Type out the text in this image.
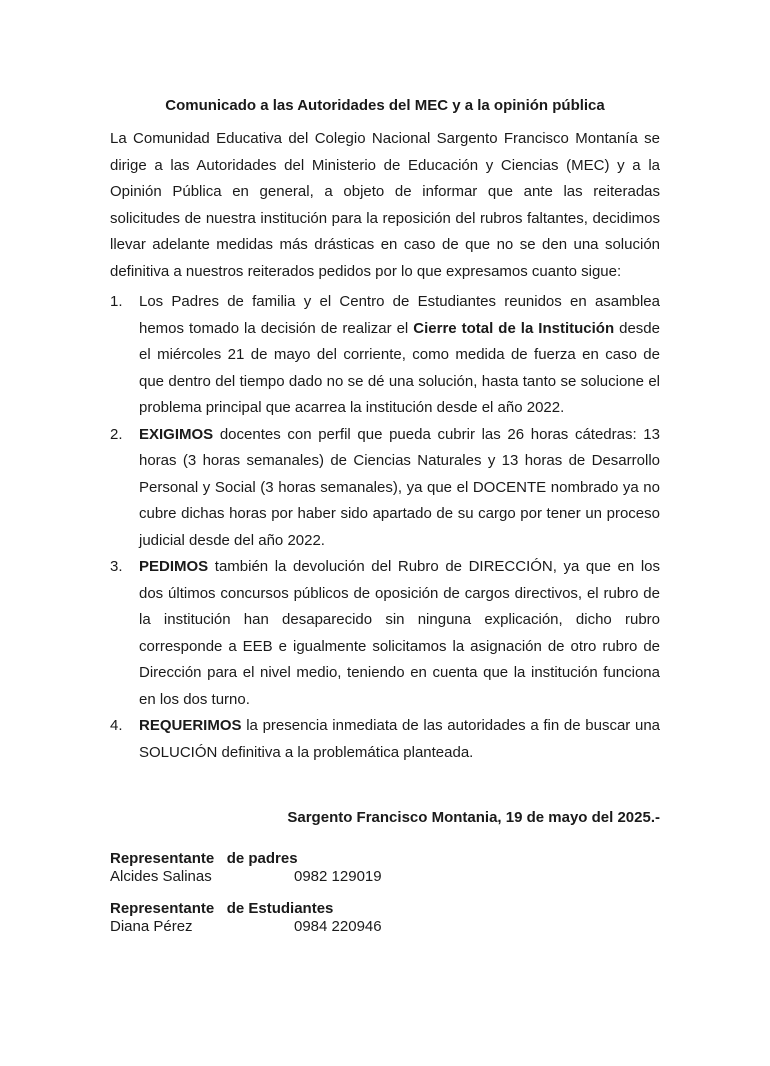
Comunicado a las Autoridades del MEC y a la opinión pública

La Comunidad Educativa del Colegio Nacional Sargento Francisco Montanía se dirige a las Autoridades del Ministerio de Educación y Ciencias (MEC) y a la Opinión Pública en general, a objeto de informar que ante las reiteradas solicitudes de nuestra institución para la reposición del rubros faltantes, decidimos llevar adelante medidas más drásticas en caso de que no se den una solución definitiva a nuestros reiterados pedidos por lo que expresamos cuanto sigue:

1. Los Padres de familia y el Centro de Estudiantes reunidos en asamblea hemos tomado la decisión de realizar el Cierre total de la Institución desde el miércoles 21 de mayo del corriente, como medida de fuerza en caso de que dentro del tiempo dado no se dé una solución, hasta tanto se solucione el problema principal que acarrea la institución desde el año 2022.
2. EXIGIMOS docentes con perfil que pueda cubrir las 26 horas cátedras: 13 horas (3 horas semanales) de Ciencias Naturales y 13 horas de Desarrollo Personal y Social (3 horas semanales), ya que el DOCENTE nombrado ya no cubre dichas horas por haber sido apartado de su cargo por tener un proceso judicial desde del año 2022.
3. PEDIMOS también la devolución del Rubro de DIRECCIÓN, ya que en los dos últimos concursos públicos de oposición de cargos directivos, el rubro de la institución han desaparecido sin ninguna explicación, dicho rubro corresponde a EEB e igualmente solicitamos la asignación de otro rubro de Dirección para el nivel medio, teniendo en cuenta que la institución funciona en los dos turno.
4. REQUERIMOS la presencia inmediata de las autoridades a fin de buscar una SOLUCIÓN definitiva a la problemática planteada.
Sargento Francisco Montania, 19 de mayo del 2025.-
Representante   de padres
Alcides Salinas	0982 129019
Representante   de Estudiantes
Diana Pérez	0984 220946
